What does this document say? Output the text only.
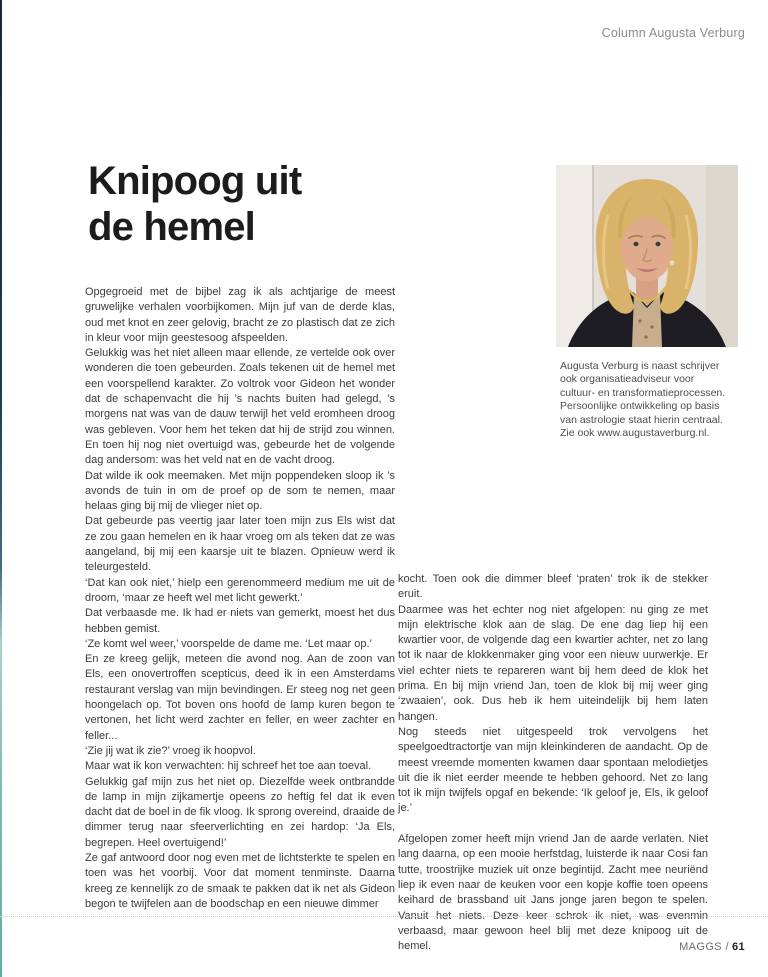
Column Augusta Verburg
Knipoog uit
de hemel
Augusta Verburg is naast schrijver
ook organisatieadviseur voor
cultuur- en transformatieprocessen.
Persoonlijke ontwikkeling op basis
van astrologie staat hierin centraal.
Zie ook www.augustaverburg.nl.

Opgegroeid met de bijbel zag ik als achtjarige de meest gruwelijke verhalen voorbijkomen. Mijn juf van de derde klas, oud met knot en zeer gelovig, bracht ze zo plastisch dat ze zich in kleur voor mijn geestesoog afspeelden.

Gelukkig was het niet alleen maar ellende, ze vertelde ook over wonderen die toen gebeurden. Zoals tekenen uit de hemel met een voorspellend karakter. Zo voltrok voor Gideon het wonder dat de schapenvacht die hij ’s nachts buiten had gelegd, ’s morgens nat was van de dauw terwijl het veld eromheen droog was gebleven. Voor hem het teken dat hij de strijd zou winnen. En toen hij nog niet overtuigd was, gebeurde het de volgende dag andersom: was het veld nat en de vacht droog.

Dat wilde ik ook meemaken. Met mijn poppendeken sloop ik ’s avonds de tuin in om de proef op de som te nemen, maar helaas ging bij mij de vlieger niet op.

Dat gebeurde pas veertig jaar later toen mijn zus Els wist dat ze zou gaan hemelen en ik haar vroeg om als teken dat ze was aangeland, bij mij een kaarsje uit te blazen. Opnieuw werd ik teleurgesteld.

‘Dat kan ook niet,’ hielp een gerenommeerd medium me uit de droom, ‘maar ze heeft wel met licht gewerkt.’

Dat verbaasde me. Ik had er niets van gemerkt, moest het dus hebben gemist.

‘Ze komt wel weer,’ voorspelde de dame me. ‘Let maar op.’

En ze kreeg gelijk, meteen die avond nog. Aan de zoon van Els, een onovertroffen scepticus, deed ik in een Amsterdams restaurant verslag van mijn bevindingen. Er steeg nog net geen hoongelach op. Tot boven ons hoofd de lamp kuren begon te vertonen, het licht werd zachter en feller, en weer zachter en feller...

‘Zie jij wat ik zie?’ vroeg ik hoopvol.

Maar wat ik kon verwachten: hij schreef het toe aan toeval.

Gelukkig gaf mijn zus het niet op. Diezelfde week ontbrandde de lamp in mijn zijkamertje opeens zo heftig fel dat ik even dacht dat de boel in de fik vloog. Ik sprong overeind, draaide de dimmer terug naar sfeerverlichting en zei hardop: ‘Ja Els, begrepen. Heel overtuigend!’

Ze gaf antwoord door nog even met de lichtsterkte te spelen en toen was het voorbij. Voor dat moment tenminste. Daarna kreeg ze kennelijk zo de smaak te pakken dat ik net als Gideon begon te twijfelen aan de boodschap en een nieuwe dimmer

kocht. Toen ook die dimmer bleef ‘praten’ trok ik de stekker eruit.

Daarmee was het echter nog niet afgelopen: nu ging ze met mijn elektrische klok aan de slag. De ene dag liep hij een kwartier voor, de volgende dag een kwartier achter, net zo lang tot ik naar de klokkenmaker ging voor een nieuw uurwerkje. Er viel echter niets te repareren want bij hem deed de klok het prima. En bij mijn vriend Jan, toen de klok bij mij weer ging ‘zwaaien’, ook. Dus heb ik hem uiteindelijk bij hem laten hangen.

Nog steeds niet uitgespeeld trok vervolgens het speelgoedtractortje van mijn kleinkinderen de aandacht. Op de meest vreemde momenten kwamen daar spontaan melodietjes uit die ik niet eerder meende te hebben gehoord. Net zo lang tot ik mijn twijfels opgaf en bekende: ‘Ik geloof je, Els, ik geloof je.’

Afgelopen zomer heeft mijn vriend Jan de aarde verlaten. Niet lang daarna, op een mooie herfstdag, luisterde ik naar Cosi fan tutte, troostrijke muziek uit onze begintijd. Zacht mee neuriënd liep ik even naar de keuken voor een kopje koffie toen opeens keihard de brassband uit Jans jonge jaren begon te spelen. Vanuit het niets. Deze keer schrok ik niet, was evenmin verbaasd, maar gewoon heel blij met deze knipoog uit de hemel.	MAGGS / 61
